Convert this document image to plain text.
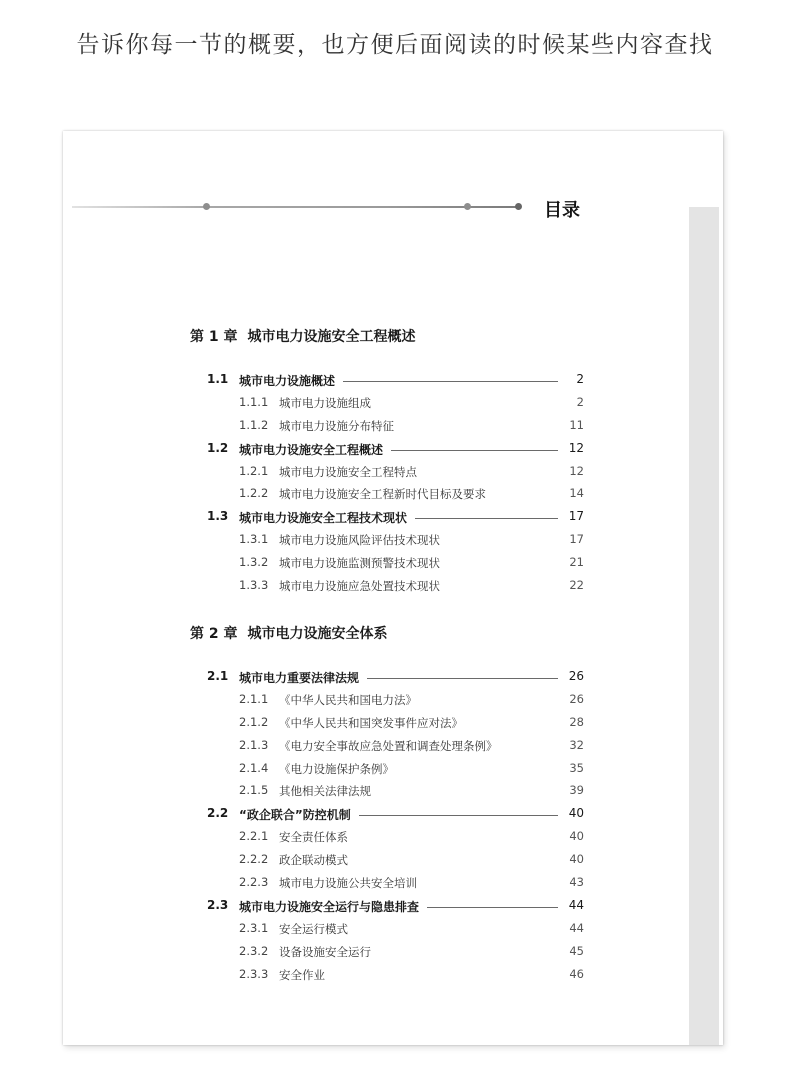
告诉你每一节的概要，也方便后面阅读的时候某些内容查找
目录
第 1 章 城市电力设施安全工程概述
1.1 城市电力设施概述	2
1.1.1 城市电力设施组成	2
1.1.2 城市电力设施分布特征	11
1.2 城市电力设施安全工程概述	12
1.2.1 城市电力设施安全工程特点	12
1.2.2 城市电力设施安全工程新时代目标及要求	14
1.3 城市电力设施安全工程技术现状	17
1.3.1 城市电力设施风险评估技术现状	17
1.3.2 城市电力设施监测预警技术现状	21
1.3.3 城市电力设施应急处置技术现状	22
第 2 章 城市电力设施安全体系
2.1 城市电力重要法律法规	26
2.1.1 《中华人民共和国电力法》	26
2.1.2 《中华人民共和国突发事件应对法》	28
2.1.3 《电力安全事故应急处置和调查处理条例》	32
2.1.4 《电力设施保护条例》	35
2.1.5 其他相关法律法规	39
2.2 “政企联合”防控机制	40
2.2.1 安全责任体系	40
2.2.2 政企联动模式	40
2.2.3 城市电力设施公共安全培训	43
2.3 城市电力设施安全运行与隐患排查	44
2.3.1 安全运行模式	44
2.3.2 设备设施安全运行	45
2.3.3 安全作业	46
